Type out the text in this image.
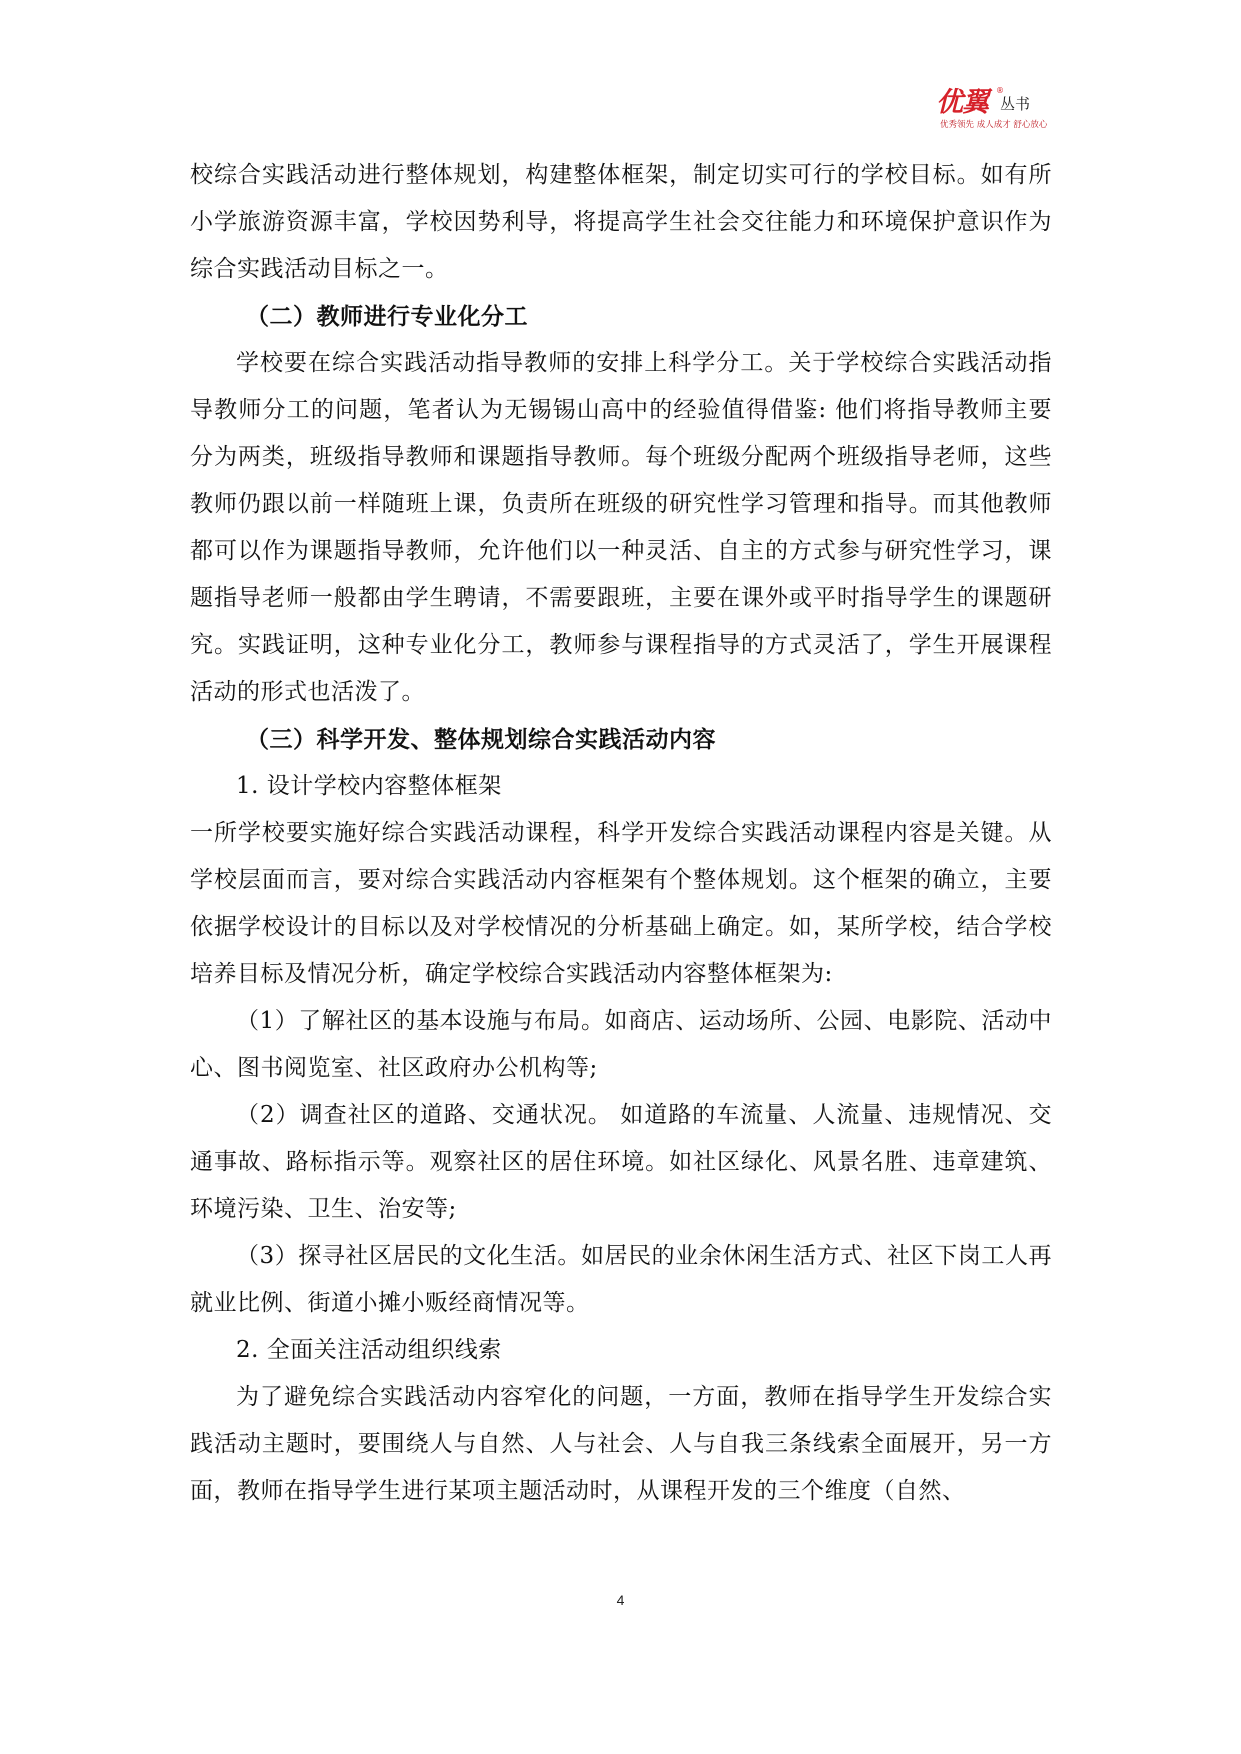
优翼 ®
丛书
优秀领先 成人成才 舒心放心

校综合实践活动进行整体规划，构建整体框架，制定切实可行的学校目标。如有所小学旅游资源丰富，学校因势利导，将提高学生社会交往能力和环境保护意识作为综合实践活动目标之一。

（二）教师进行专业化分工

学校要在综合实践活动指导教师的安排上科学分工。关于学校综合实践活动指导教师分工的问题，笔者认为无锡锡山高中的经验值得借鉴: 他们将指导教师主要分为两类，班级指导教师和课题指导教师。每个班级分配两个班级指导老师，这些教师仍跟以前一样随班上课，负责所在班级的研究性学习管理和指导。而其他教师都可以作为课题指导教师，允许他们以一种灵活、自主的方式参与研究性学习，课题指导老师一般都由学生聘请，不需要跟班，主要在课外或平时指导学生的课题研究。实践证明，这种专业化分工，教师参与课程指导的方式灵活了，学生开展课程活动的形式也活泼了。

（三）科学开发、整体规划综合实践活动内容

1. 设计学校内容整体框架

一所学校要实施好综合实践活动课程，科学开发综合实践活动课程内容是关键。从学校层面而言，要对综合实践活动内容框架有个整体规划。这个框架的确立，主要依据学校设计的目标以及对学校情况的分析基础上确定。如，某所学校，结合学校培养目标及情况分析，确定学校综合实践活动内容整体框架为:

（1）了解社区的基本设施与布局。如商店、运动场所、公园、电影院、活动中心、图书阅览室、社区政府办公机构等;

（2）调查社区的道路、交通状况。 如道路的车流量、人流量、违规情况、交通事故、路标指示等。观察社区的居住环境。如社区绿化、风景名胜、违章建筑、环境污染、卫生、治安等;

（3）探寻社区居民的文化生活。如居民的业余休闲生活方式、社区下岗工人再就业比例、街道小摊小贩经商情况等。

2. 全面关注活动组织线索

为了避免综合实践活动内容窄化的问题，一方面，教师在指导学生开发综合实践活动主题时，要围绕人与自然、人与社会、人与自我三条线索全面展开，另一方面，教师在指导学生进行某项主题活动时，从课程开发的三个维度（自然、

4
